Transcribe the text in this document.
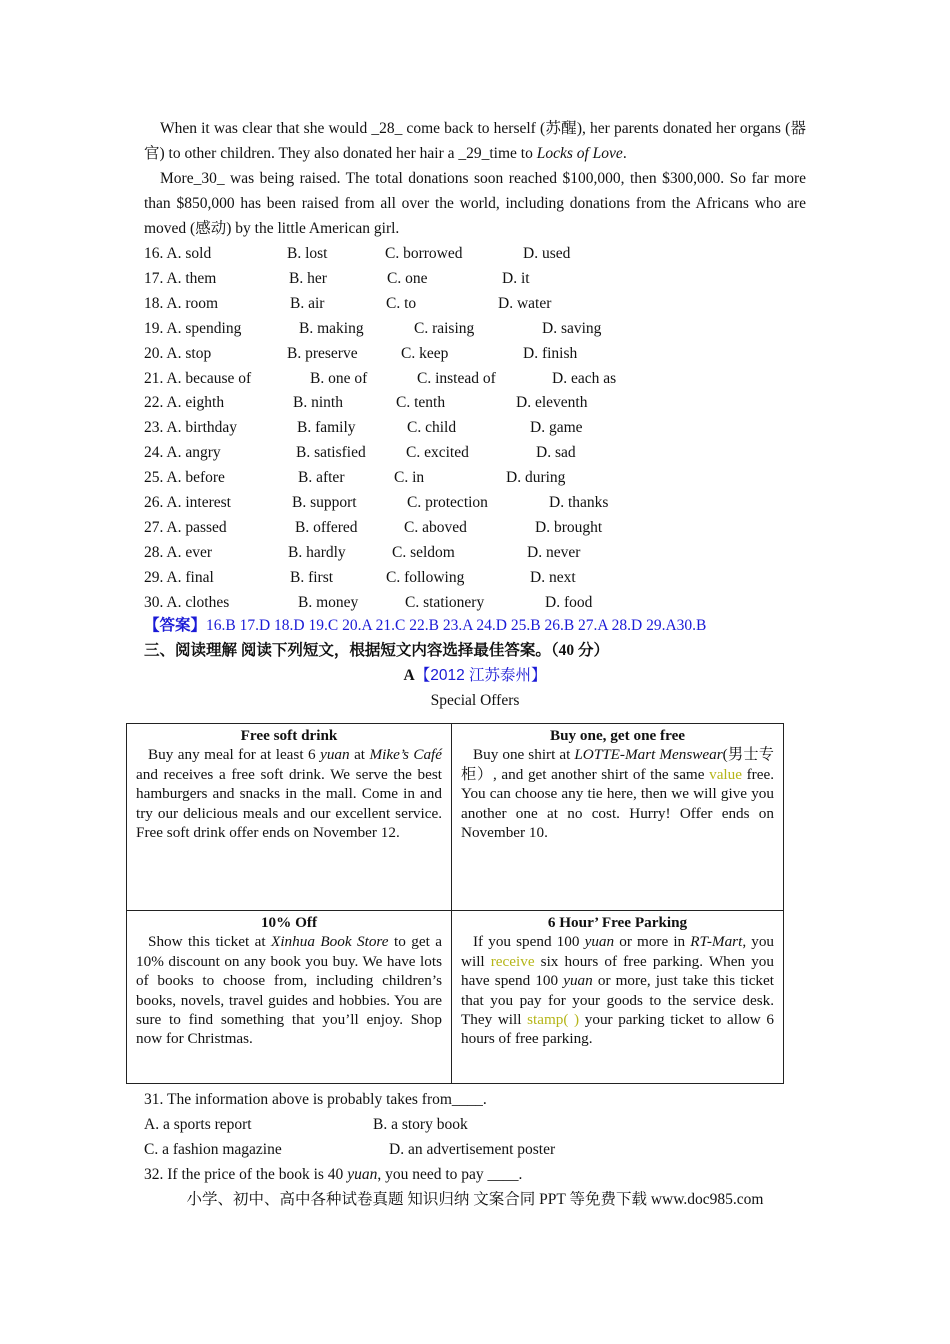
When it was clear that she would _28_ come back to herself (苏醒), her parents donated her organs (器官) to other children. They also donated her hair a _29_time to Locks of Love.
More_30_ was being raised. The total donations soon reached $100,000, then $300,000. So far more than $850,000 has been raised from all over the world, including donations from the Africans who are moved (感动) by the little American girl.
16. A. sold	B. lost	C. borrowed	D. used
17. A. them	B. her	C. one	D. it
18. A. room	B. air	C. to	D. water
19. A. spending	B. making	C. raising	D. saving
20. A. stop	B. preserve	C. keep	D. finish
21. A. because of	B. one of	C. instead of	D. each as
22. A. eighth	B. ninth	C. tenth	D. eleventh
23. A. birthday	B. family	C. child	D. game
24. A. angry	B. satisfied	C. excited	D. sad
25. A. before	B. after	C. in	D. during
26. A. interest	B. support	C. protection	D. thanks
27. A. passed	B. offered	C. aboved	D. brought
28. A. ever	B. hardly	C. seldom	D. never
29. A. final	B. first	C. following	D. next
30. A. clothes	B. money	C. stationery	D. food
【答案】16.B 17.D 18.D 19.C 20.A 21.C 22.B 23.A 24.D 25.B 26.B 27.A 28.D 29.A30.B
三、阅读理解 阅读下列短文，根据短文内容选择最佳答案。（40 分）
A【2012 江苏泰州】
Special Offers
Free soft drink
Buy any meal for at least 6 yuan at Mike’s Café and receives a free soft drink. We serve the best hamburgers and snacks in the mall. Come in and try our delicious meals and our excellent service. Free soft drink offer ends on November 12.
Buy one, get one free
Buy one shirt at LOTTE-Mart Menswear(男士专柜）, and get another shirt of the same value free. You can choose any tie here, then we will give you another one at no cost. Hurry! Offer ends on November 10.
10% Off
Show this ticket at Xinhua Book Store to get a 10% discount on any book you buy. We have lots of books to choose from, including children’s books, novels, travel guides and hobbies. You are sure to find something that you’ll enjoy. Shop now for Christmas.
6 Hour’ Free Parking
If you spend 100 yuan or more in RT-Mart, you will receive six hours of free parking. When you have spend 100 yuan or more, just take this ticket that you pay for your goods to the service desk. They will stamp( ) your parking ticket to allow 6 hours of free parking.
31. The information above is probably takes from____.
A. a sports report	B. a story book
C. a fashion magazine	D. an advertisement poster
32. If the price of the book is 40 yuan, you need to pay ____.
小学、初中、高中各种试卷真题 知识归纳 文案合同 PPT 等免费下载 www.doc985.com
